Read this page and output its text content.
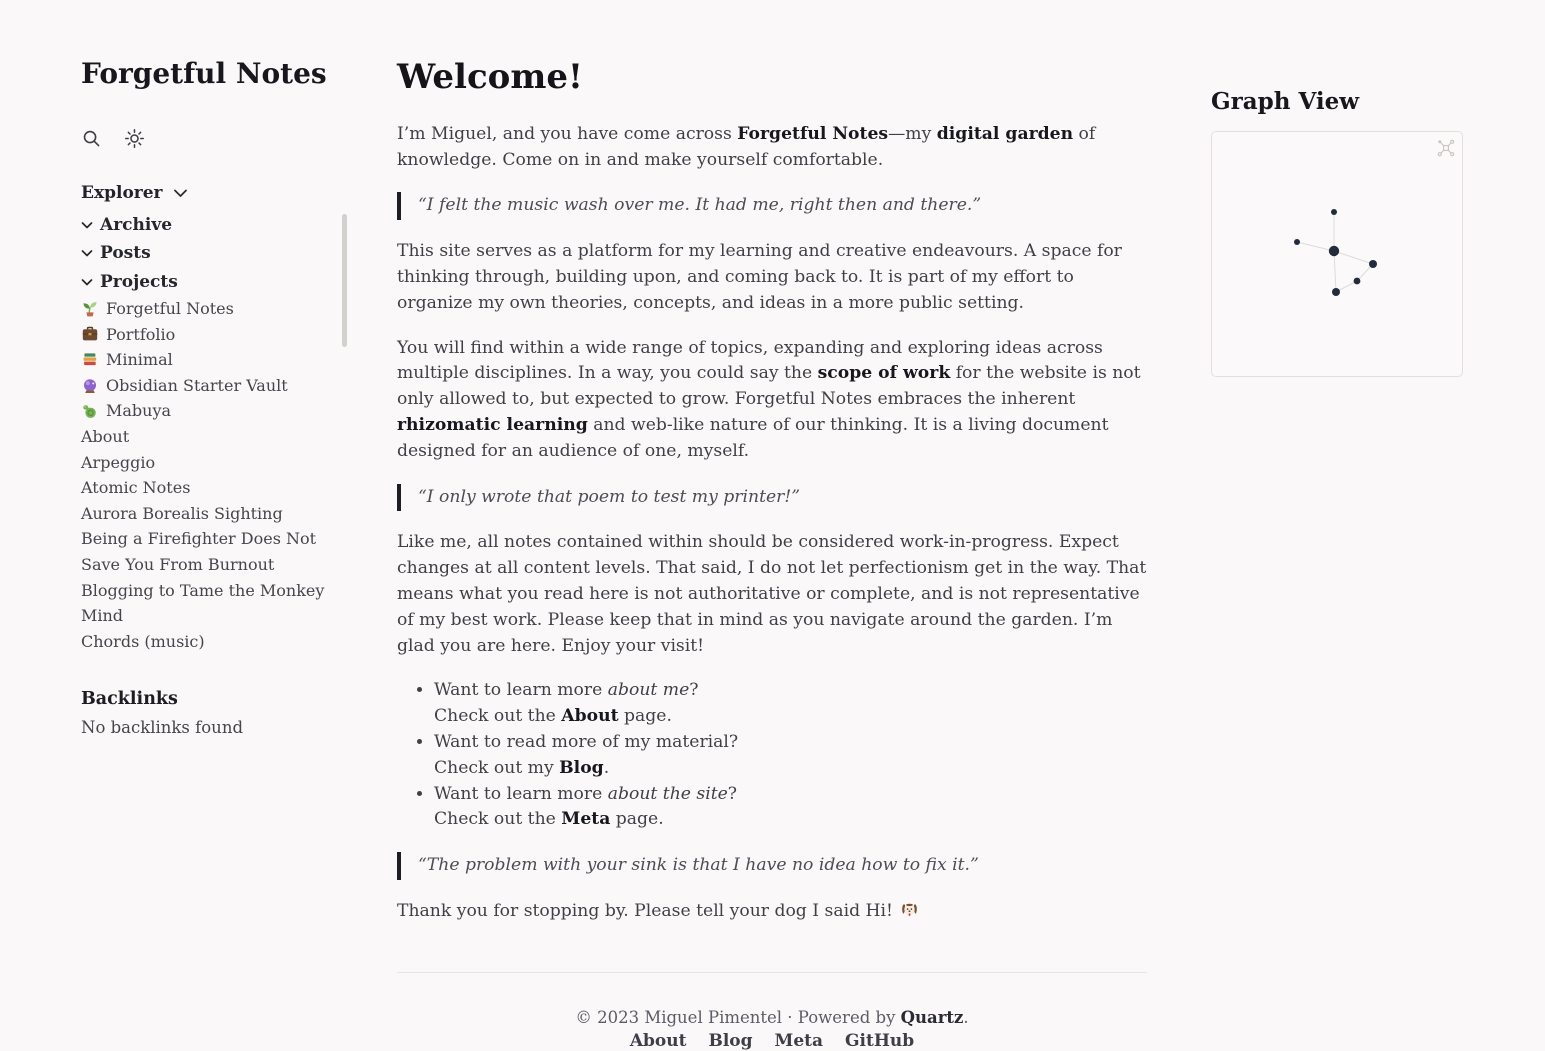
Forgetful Notes
Explorer
Archive
Posts
Projects
Forgetful Notes
Portfolio
Minimal
Obsidian Starter Vault
Mabuya
About
Arpeggio
Atomic Notes
Aurora Borealis Sighting
Being a Firefighter Does Not Save You From Burnout
Blogging to Tame the Monkey Mind
Chords (music)
Backlinks
No backlinks found
Welcome!

I’m Miguel, and you have come across Forgetful Notes—my digital garden of knowledge. Come on in and make yourself comfortable.

“I felt the music wash over me. It had me, right then and there.”

This site serves as a platform for my learning and creative endeavours. A space for thinking through, building upon, and coming back to. It is part of my effort to organize my own theories, concepts, and ideas in a more public setting.

You will find within a wide range of topics, expanding and exploring ideas across multiple disciplines. In a way, you could say the scope of work for the website is not only allowed to, but expected to grow. Forgetful Notes embraces the inherent rhizomatic learning and web-like nature of our thinking. It is a living document designed for an audience of one, myself.

“I only wrote that poem to test my printer!”

Like me, all notes contained within should be considered work-in-progress. Expect changes at all content levels. That said, I do not let perfectionism get in the way. That means what you read here is not authoritative or complete, and is not representative of my best work. Please keep that in mind as you navigate around the garden. I’m glad you are here. Enjoy your visit!

• Want to learn more about me?
Check out the About page.
• Want to read more of my material?
Check out my Blog.
• Want to learn more about the site?
Check out the Meta page.
“The problem with your sink is that I have no idea how to fix it.”

Thank you for stopping by. Please tell your dog I said Hi!

© 2023 Miguel Pimentel · Powered by Quartz.
About Blog Meta GitHub
Graph View
